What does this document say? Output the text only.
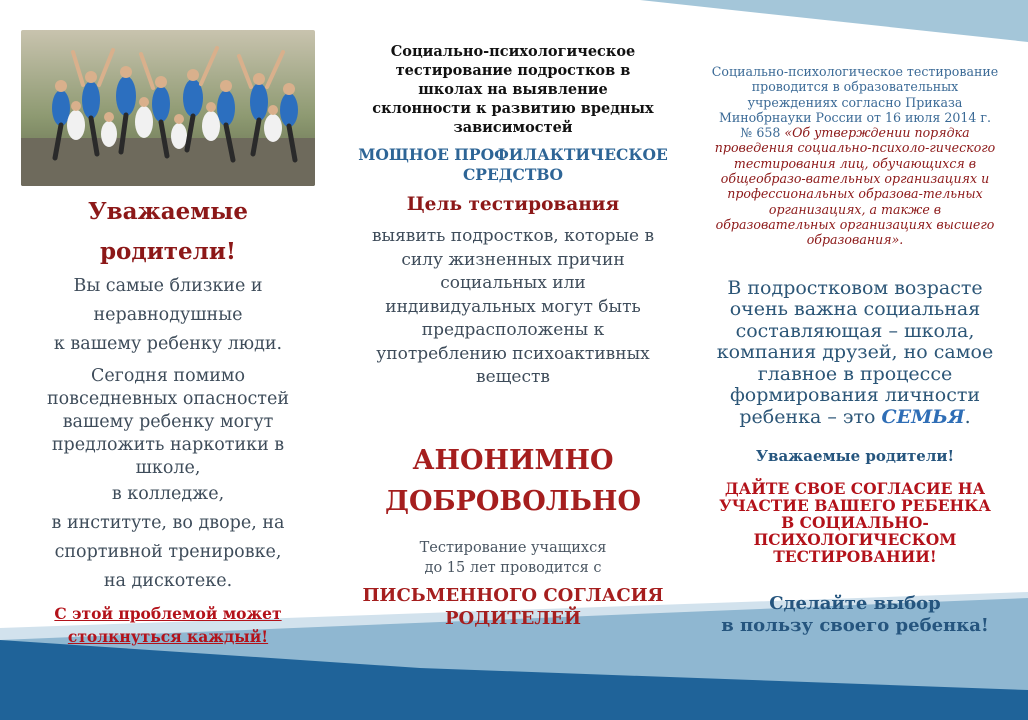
Уважаемые
родители!

Вы самые близкие и

неравнодушные

к вашему ребенку люди.

Сегодня помимо

повседневных опасностей

вашему ребенку могут

предложить наркотики в

школе,

в колледже,

в институте, во дворе, на

спортивной тренировке,

на дискотеке.

С этой проблемой может
столкнуться каждый!

Социально-психологическое

тестирование подростков в

школах на выявление

склонности к развитию вредных

зависимостей

МОЩНОЕ ПРОФИЛАКТИЧЕСКОЕ
СРЕДСТВО

Цель тестирования

выявить подростков, которые в

силу жизненных причин

социальных или

индивидуальных могут быть

предрасположены к

употреблению психоактивных

веществ

АНОНИМНО

ДОБРОВОЛЬНО

Тестирование учащихся

до 15 лет проводится с

ПИСЬМЕННОГО СОГЛАСИЯ
РОДИТЕЛЕЙ

Социально-психологическое тестирование

проводится в образовательных

учреждениях согласно Приказа

Минобрнауки России от 16 июля 2014 г.

№ 658 «Об утверждении порядка

проведения социально-психоло-гического

тестирования лиц, обучающихся в

общеобразо-вательных организациях и

профессиональных образова-тельных

организациях, а также в

образовательных организациях высшего

образования».

В подростковом возрасте

очень важна социальная

составляющая – школа,

компания друзей, но самое

главное в процессе

формирования личности

ребенка – это СЕМЬЯ.

Уважаемые родители!

ДАЙТЕ СВОЕ СОГЛАСИЕ НА

УЧАСТИЕ ВАШЕГО РЕБЕНКА

В СОЦИАЛЬНО-

ПСИХОЛОГИЧЕСКОМ

ТЕСТИРОВАНИИ!

Сделайте выбор
в пользу своего ребенка!
